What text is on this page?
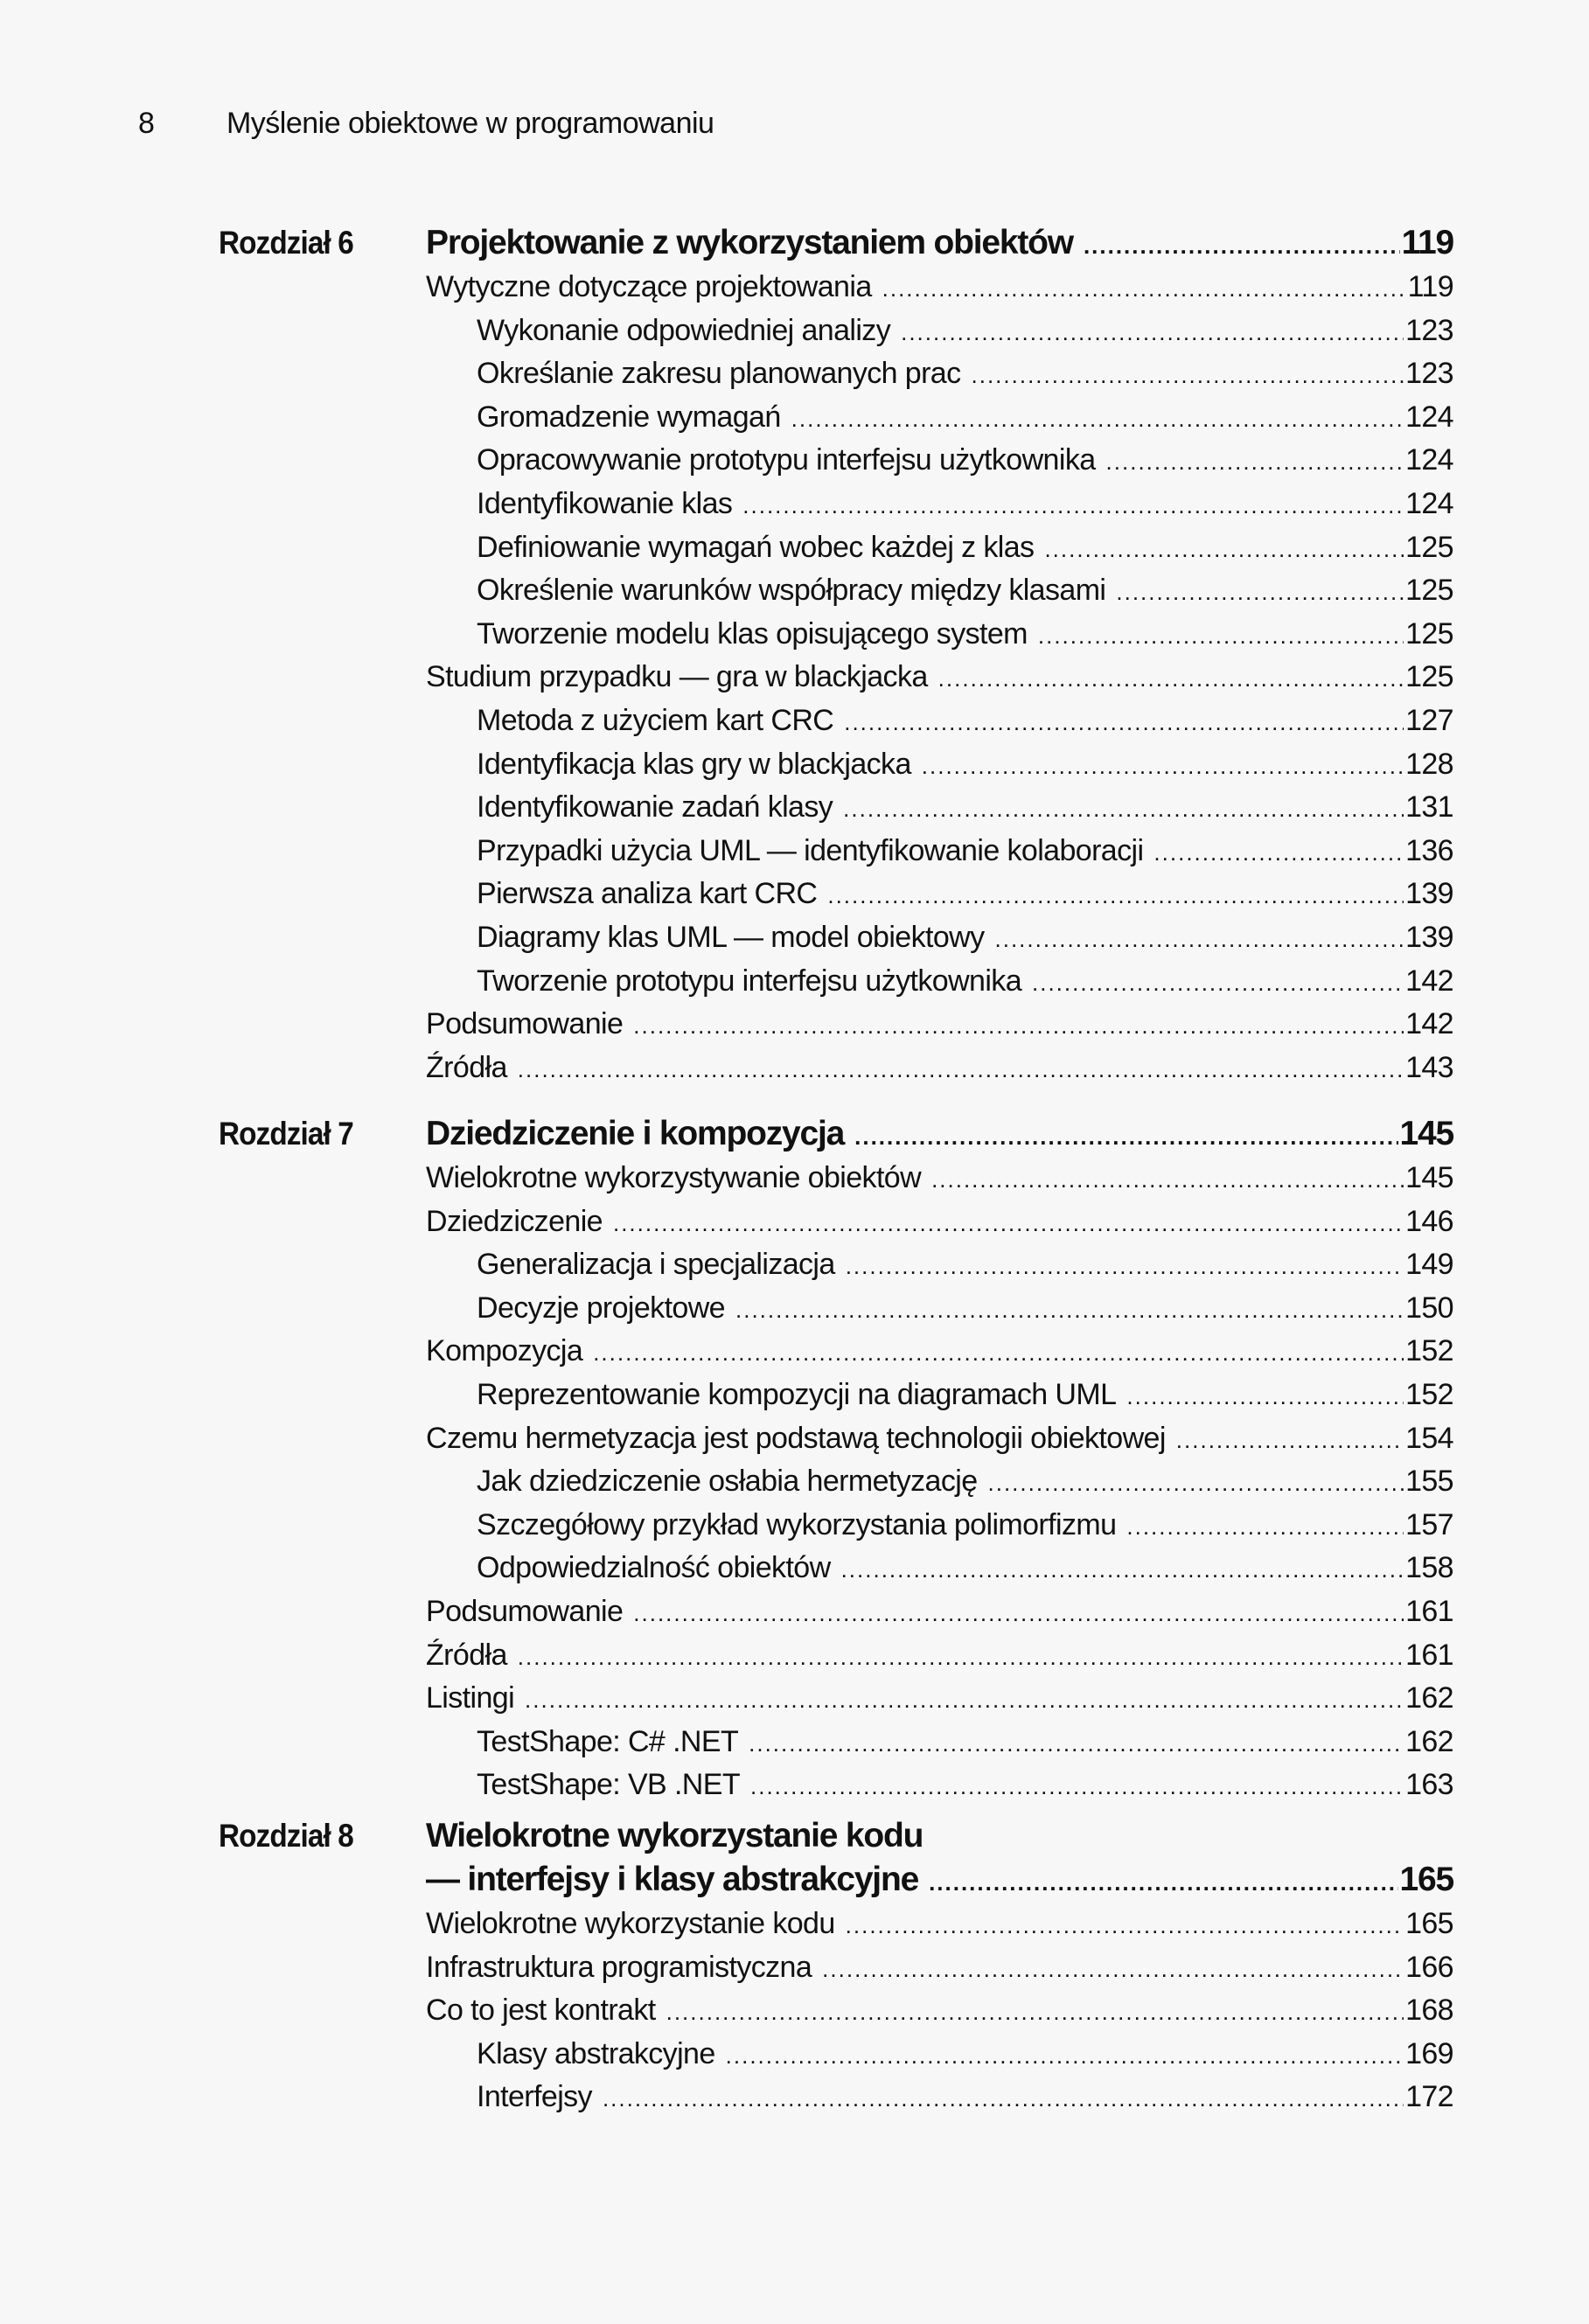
8 Myślenie obiektowe w programowaniu
Rozdział 6 Projektowanie z wykorzystaniem obiektów .....	119
Wytyczne dotyczące projektowania .....	119
Wykonanie odpowiedniej analizy .....	123
Określanie zakresu planowanych prac .....	123
Gromadzenie wymagań .....	124
Opracowywanie prototypu interfejsu użytkownika .....	124
Identyfikowanie klas .....	124
Definiowanie wymagań wobec każdej z klas .....	125
Określenie warunków współpracy między klasami .....	125
Tworzenie modelu klas opisującego system .....	125
Studium przypadku — gra w blackjacka .....	125
Metoda z użyciem kart CRC .....	127
Identyfikacja klas gry w blackjacka .....	128
Identyfikowanie zadań klasy .....	131
Przypadki użycia UML — identyfikowanie kolaboracji .....	136
Pierwsza analiza kart CRC .....	139
Diagramy klas UML — model obiektowy .....	139
Tworzenie prototypu interfejsu użytkownika .....	142
Podsumowanie .....	142
Źródła .....	143
Rozdział 7 Dziedziczenie i kompozycja .....	145
Wielokrotne wykorzystywanie obiektów .....	145
Dziedziczenie .....	146
Generalizacja i specjalizacja .....	149
Decyzje projektowe .....	150
Kompozycja .....	152
Reprezentowanie kompozycji na diagramach UML .....	152
Czemu hermetyzacja jest podstawą technologii obiektowej .....	154
Jak dziedziczenie osłabia hermetyzację .....	155
Szczegółowy przykład wykorzystania polimorfizmu .....	157
Odpowiedzialność obiektów .....	158
Podsumowanie .....	161
Źródła .....	161
Listingi .....	162
TestShape: C# .NET .....	162
TestShape: VB .NET .....	163
Rozdział 8 Wielokrotne wykorzystanie kodu
— interfejsy i klasy abstrakcyjne .....	165
Wielokrotne wykorzystanie kodu .....	165
Infrastruktura programistyczna .....	166
Co to jest kontrakt .....	168
Klasy abstrakcyjne .....	169
Interfejsy .....	172
